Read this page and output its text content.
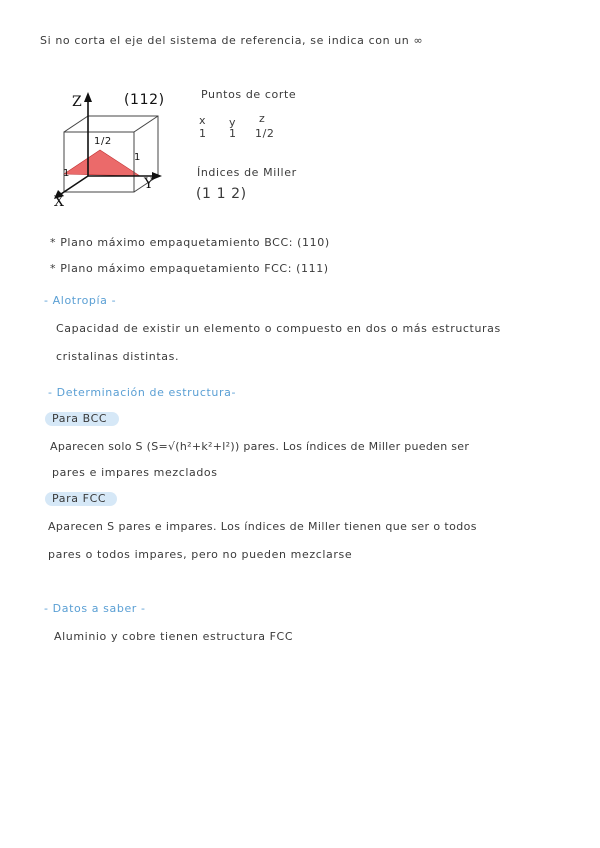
Si no corta el eje del sistema de referencia, se indica con un ∞
Z
X
Y
(112)
1/2
1
1
Puntos de corte
x y z
1 1 1/2
Índices de Miller
(1 1 2)
* Plano máximo empaquetamiento BCC: (110)
* Plano máximo empaquetamiento FCC: (111)
- Alotropía -
Capacidad de existir un elemento o compuesto en dos o más estructuras
cristalinas distintas.
- Determinación de estructura-
Para BCC
Aparecen solo S (S=√(h²+k²+l²)) pares. Los índices de Miller pueden ser
pares e impares mezclados
Para FCC
Aparecen S pares e impares. Los índices de Miller tienen que ser o todos
pares o todos impares, pero no pueden mezclarse
- Datos a saber -
Aluminio y cobre tienen estructura FCC
